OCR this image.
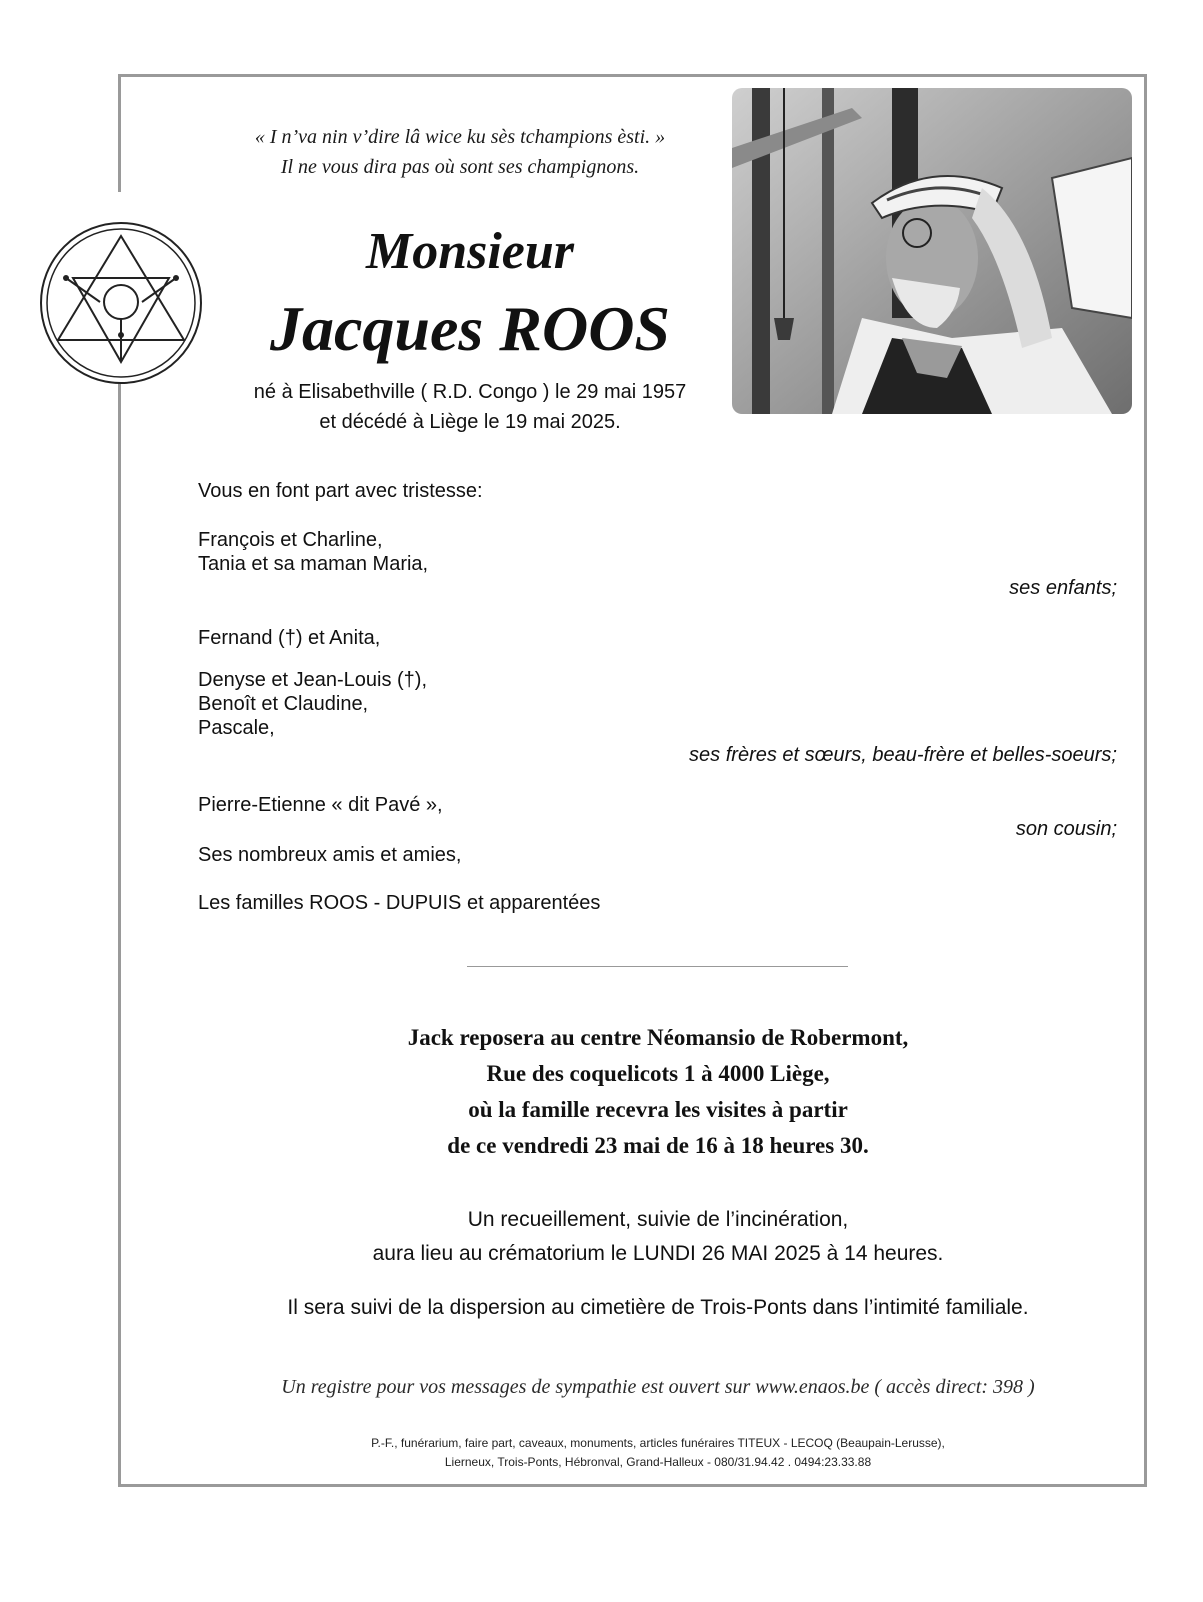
« I n’va nin v’dire lâ wice ku sès tchampions èsti. »
Il ne vous dira pas où sont ses champignons.
Monsieur
Jacques ROOS
né à Elisabethville ( R.D. Congo ) le 29 mai 1957
et décédé à Liège le 19 mai 2025.
Vous en font part avec tristesse:
François et Charline,
Tania et sa maman Maria,
ses enfants;
Fernand (†) et Anita,
Denyse et Jean-Louis (†),
Benoît et Claudine,
Pascale,
ses frères et sœurs, beau-frère et belles-soeurs;
Pierre-Etienne « dit Pavé »,
son cousin;
Ses nombreux amis et amies,
Les familles ROOS - DUPUIS et apparentées
Jack reposera au centre Néomansio de Robermont,
Rue des coquelicots 1 à 4000 Liège,
où la famille recevra les visites à partir
de ce vendredi 23 mai de 16 à 18 heures 30.
Un recueillement, suivie de l’incinération,
aura lieu au crématorium le LUNDI 26 MAI 2025 à 14 heures.
Il sera suivi de la dispersion au cimetière de Trois-Ponts dans l’intimité familiale.
Un registre pour vos messages de sympathie est ouvert sur www.enaos.be ( accès direct: 398 )
P.-F., funérarium, faire part, caveaux, monuments, articles funéraires TITEUX - LECOQ (Beaupain-Lerusse),
Lierneux, Trois-Ponts, Hébronval, Grand-Halleux - 080/31.94.42 . 0494:23.33.88
